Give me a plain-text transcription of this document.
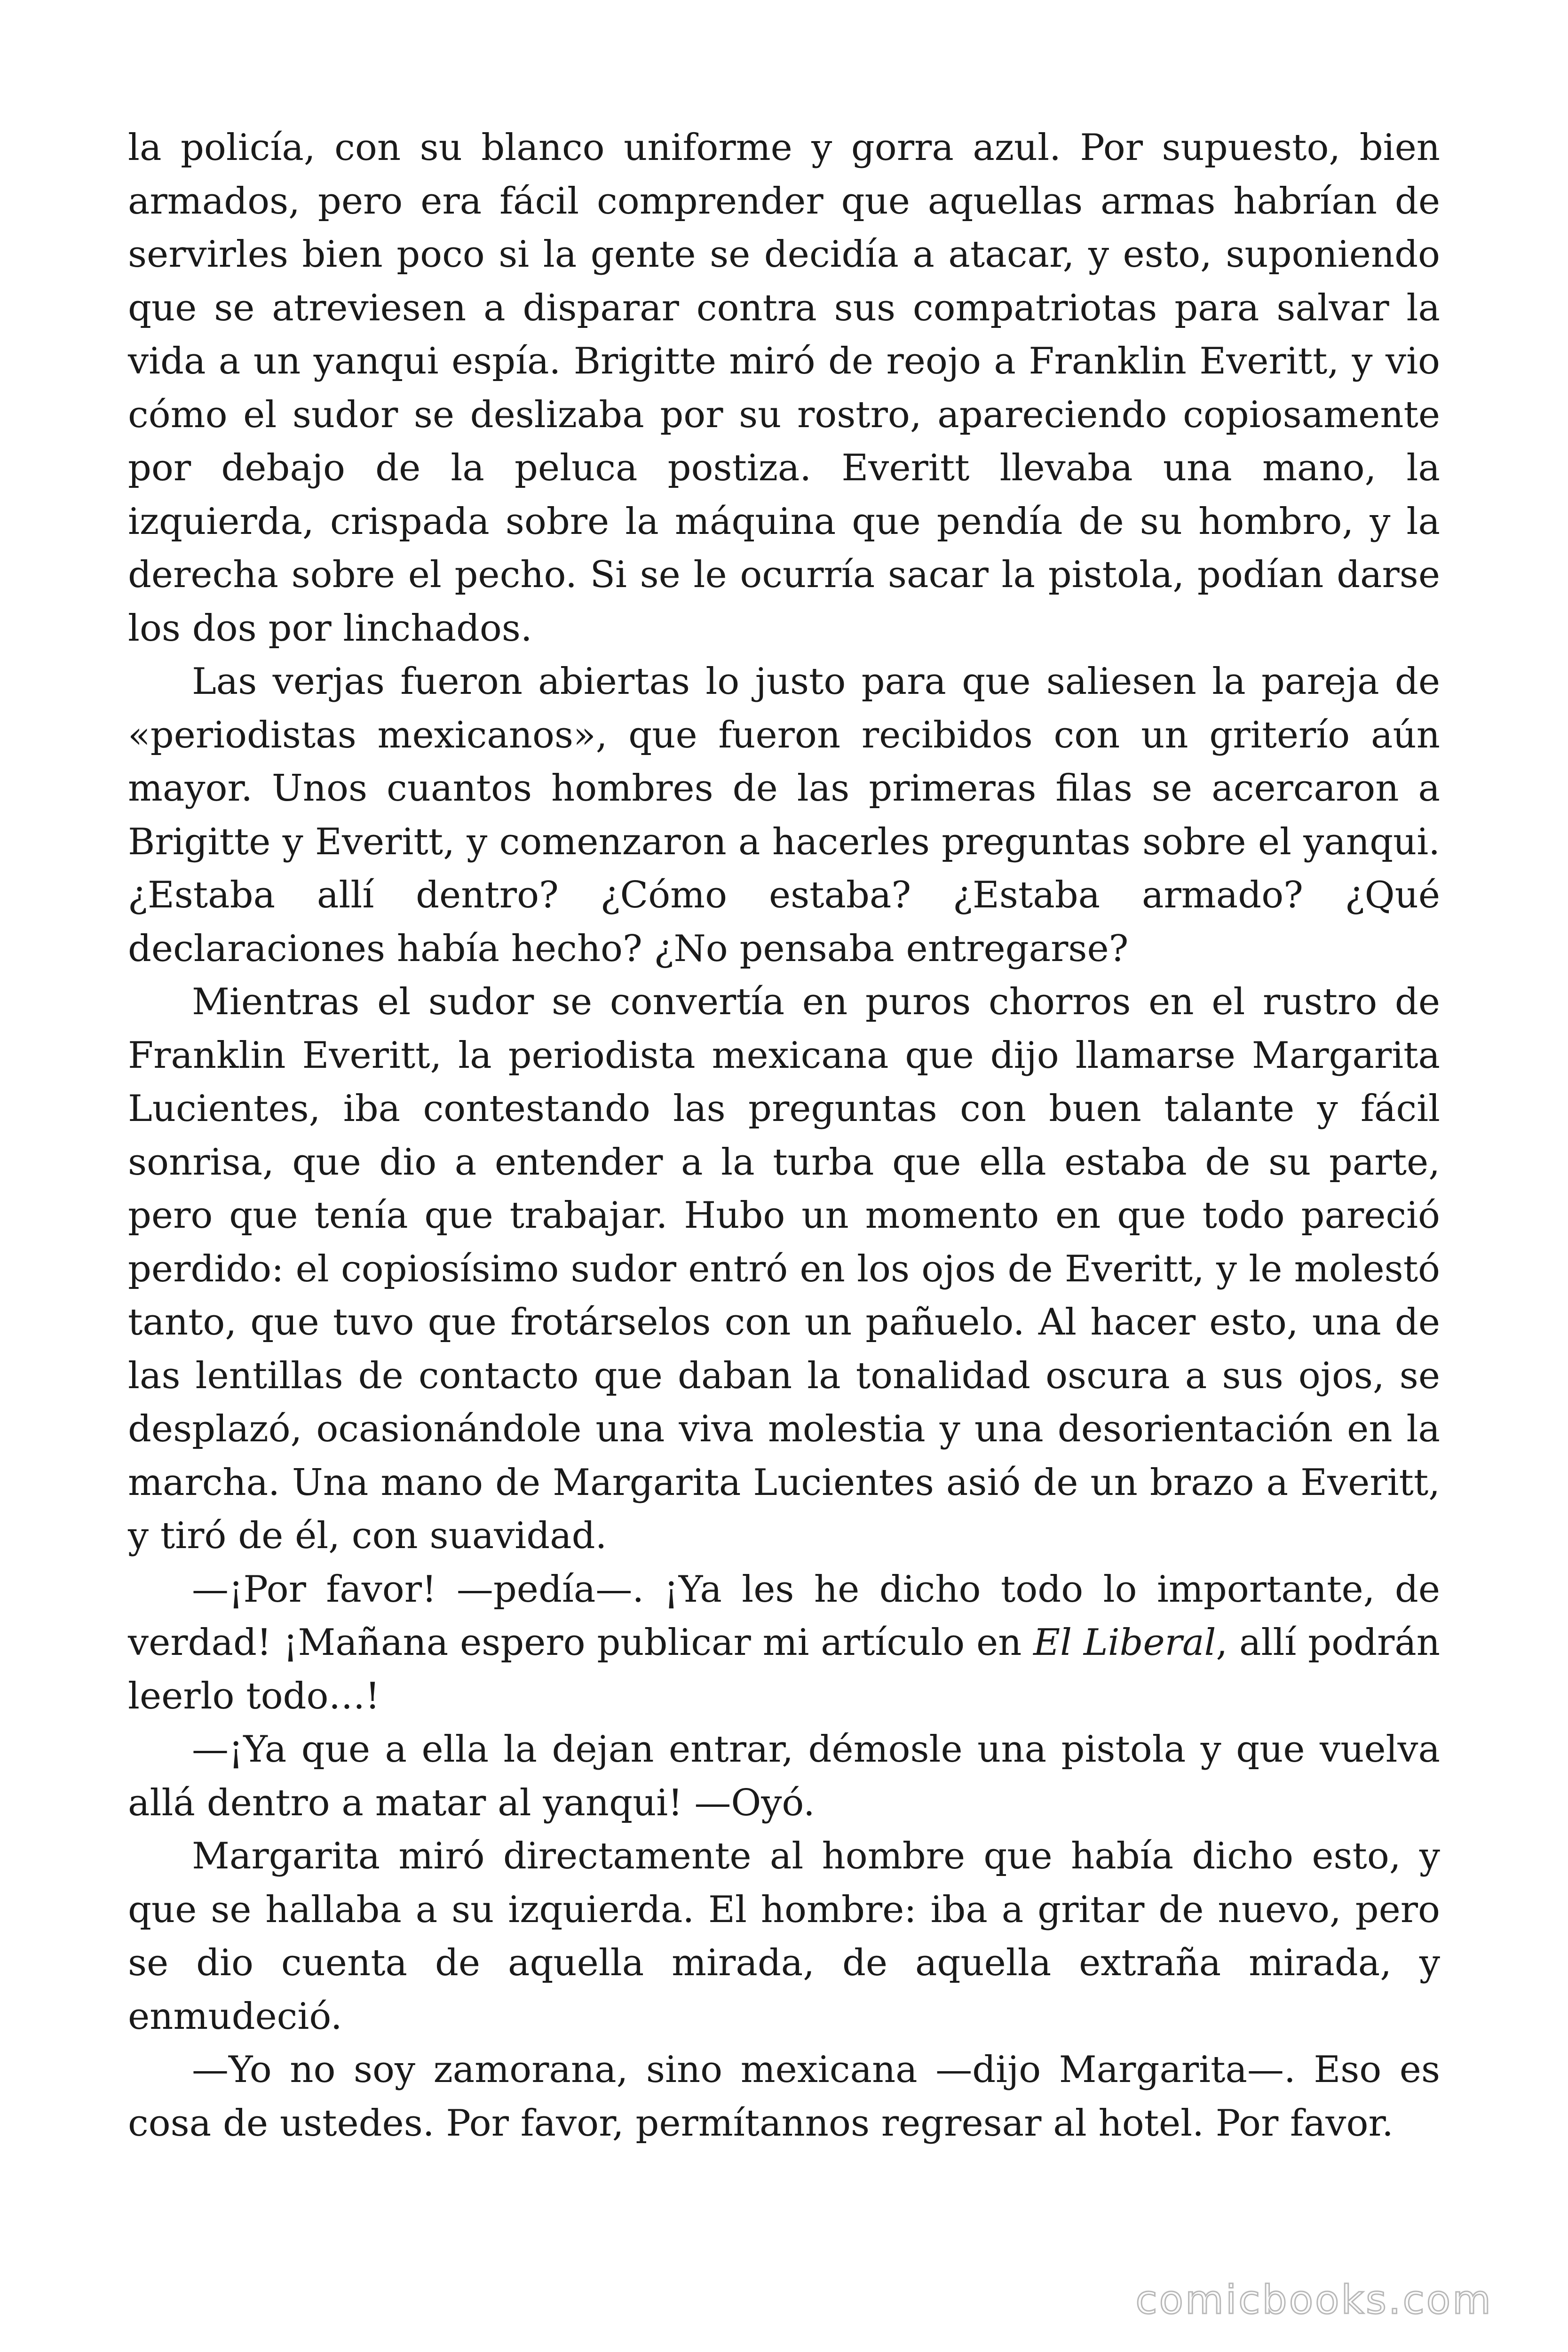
la policía, con su blanco uniforme y gorra azul. Por supuesto, bien armados, pero era fácil comprender que aquellas armas habrían de servirles bien poco si la gente se decidía a atacar, y esto, suponiendo que se atreviesen a disparar contra sus compatriotas para salvar la vida a un yanqui espía. Brigitte miró de reojo a Franklin Everitt, y vio cómo el sudor se deslizaba por su rostro, apareciendo copiosamente por debajo de la peluca postiza. Everitt llevaba una mano, la izquierda, crispada sobre la máquina que pendía de su hombro, y la derecha sobre el pecho. Si se le ocurría sacar la pistola, podían darse los dos por linchados.

Las verjas fueron abiertas lo justo para que saliesen la pareja de «periodistas mexicanos», que fueron recibidos con un griterío aún mayor. Unos cuantos hombres de las primeras filas se acercaron a Brigitte y Everitt, y comenzaron a hacerles preguntas sobre el yanqui. ¿Estaba allí dentro? ¿Cómo estaba? ¿Estaba armado? ¿Qué declaraciones había hecho? ¿No pensaba entregarse?

Mientras el sudor se convertía en puros chorros en el rustro de Franklin Everitt, la periodista mexicana que dijo llamarse Margarita Lucientes, iba contestando las preguntas con buen talante y fácil sonrisa, que dio a entender a la turba que ella estaba de su parte, pero que tenía que trabajar. Hubo un momento en que todo pareció perdido: el copiosísimo sudor entró en los ojos de Everitt, y le molestó tanto, que tuvo que frotárselos con un pañuelo. Al hacer esto, una de las lentillas de contacto que daban la tonalidad oscura a sus ojos, se desplazó, ocasionándole una viva molestia y una desorientación en la marcha. Una mano de Margarita Lucientes asió de un brazo a Everitt, y tiró de él, con suavidad.

—¡Por favor! —pedía—. ¡Ya les he dicho todo lo importante, de verdad! ¡Mañana espero publicar mi artículo en El Liberal, allí podrán leerlo todo…!

—¡Ya que a ella la dejan entrar, démosle una pistola y que vuelva allá dentro a matar al yanqui! —Oyó.

Margarita miró directamente al hombre que había dicho esto, y que se hallaba a su izquierda. El hombre: iba a gritar de nuevo, pero se dio cuenta de aquella mirada, de aquella extraña mirada, y enmudeció.

—Yo no soy zamorana, sino mexicana —dijo Margarita—. Eso es cosa de ustedes. Por favor, permítannos regresar al hotel. Por favor.

comicbooks.com
